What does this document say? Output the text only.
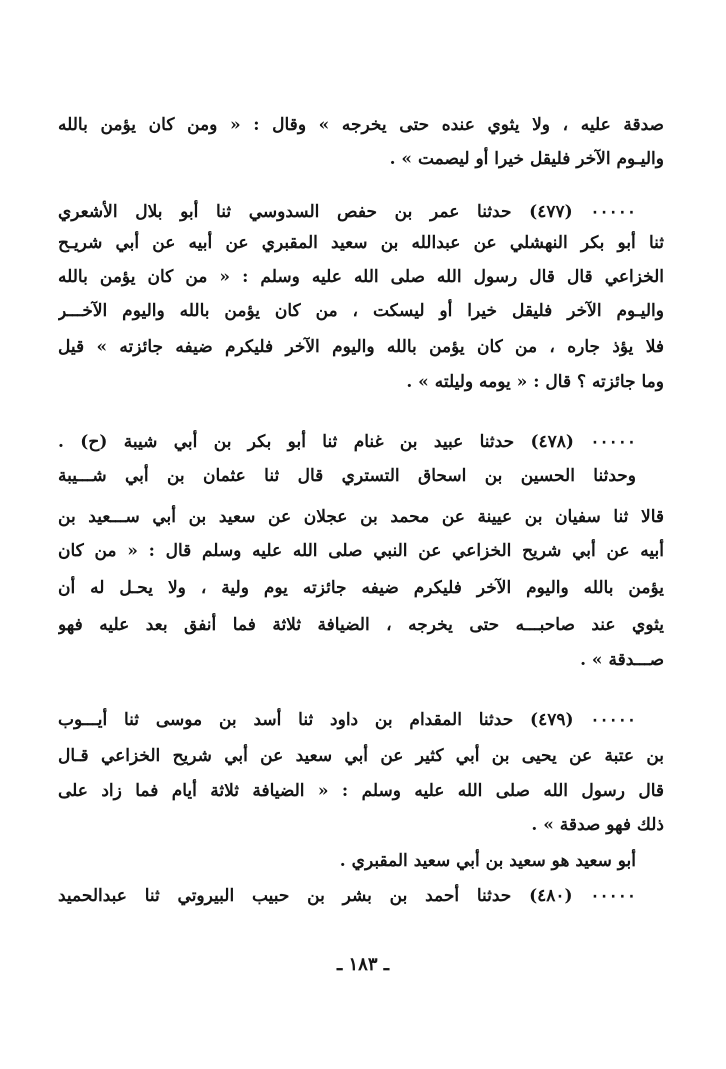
صدقة عليه ، ولا يثوي عنده حتى يخرجه » وقال : « ومن كان يؤمن بالله
واليـوم الآخر فليقل خيرا أو ليصمت » .
٠٠٠٠٠ (٤٧٧) حدثنا عمر بن حفص السدوسي ثنا أبو بلال الأشعري
ثنا أبو بكر النهشلي عن عبدالله بن سعيد المقبري عن أبيه عن أبي شريـح
الخزاعي قال قال رسول الله صلى الله عليه وسلم : « من كان يؤمن بالله
واليـوم الآخر فليقل خيرا أو ليسكت ، من كان يؤمن بالله واليوم الآخـــر
فلا يؤذ جاره ، من كان يؤمن بالله واليوم الآخر فليكرم ضيفه جائزته » قيل
وما جائزته ؟ قال : « يومه وليلته » .
٠٠٠٠٠ (٤٧٨) حدثنا عبيد بن غنام ثنا أبو بكر بن أبي شيبة (ح) .
وحدثنا الحسين بن اسحاق التستري قال ثنا عثمان بن أبي شـــيبة
قالا ثنا سفيان بن عيينة عن محمد بن عجلان عن سعيد بن أبي ســـعيد بن
أبيه عن أبي شريح الخزاعي عن النبي صلى الله عليه وسلم قال : « من كان
يؤمن بالله واليوم الآخر فليكرم ضيفه جائزته يوم ولية ، ولا يحـل له أن
يثوي عند صاحبـــه حتى يخرجه ، الضيافة ثلاثة فما أنفق بعد عليه فهو
صـــدقة » .
٠٠٠٠٠ (٤٧٩) حدثنا المقدام بن داود ثنا أسد بن موسى ثنا أيـــوب
بن عتبة عن يحيى بن أبي كثير عن أبي سعيد عن أبي شريح الخزاعي قـال
قال رسول الله صلى الله عليه وسلم : « الضيافة ثلاثة أيام فما زاد على
ذلك فهو صدقة » .
أبو سعيد هو سعيد بن أبي سعيد المقبري .
٠٠٠٠٠ (٤٨٠) حدثنا أحمد بن بشر بن حبيب البيروتي ثنا عبدالحميد
ـ ١٨٣ ـ
